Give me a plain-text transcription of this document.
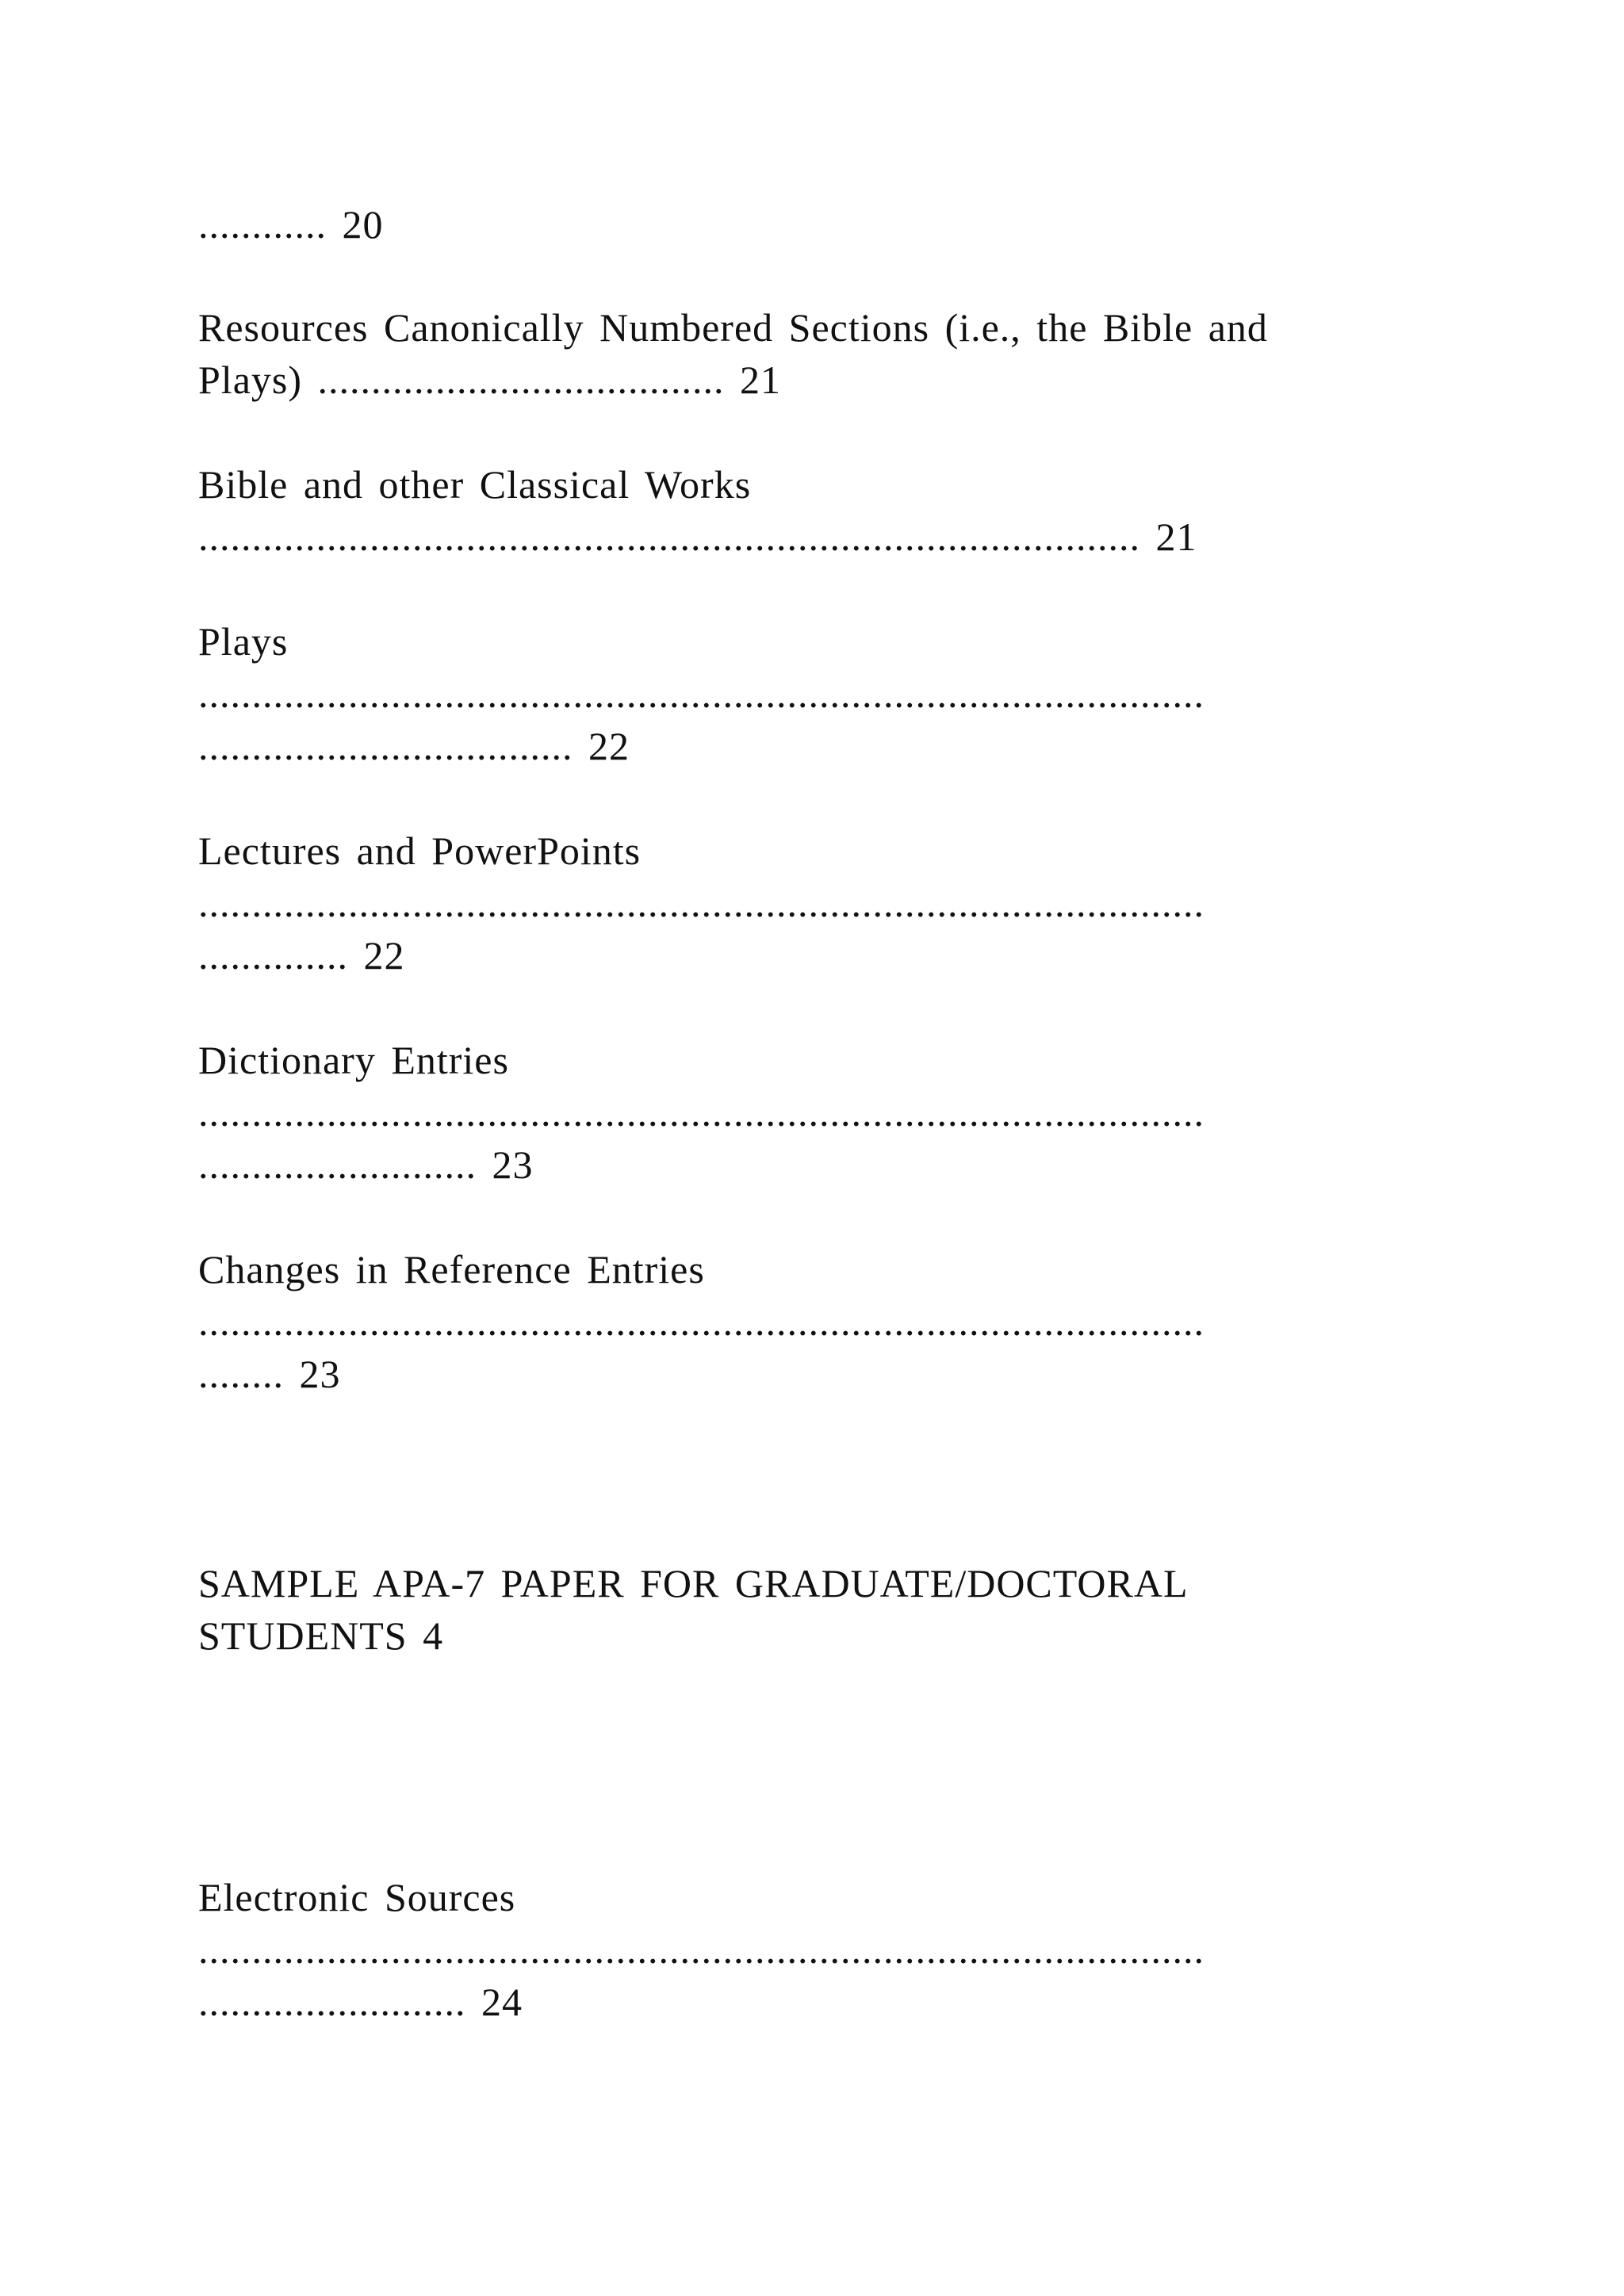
............ 20
Resources Canonically Numbered Sections (i.e., the Bible and
Plays) ...................................... 21
Bible and other Classical Works
........................................................................................ 21
Plays
..............................................................................................
................................... 22
Lectures and PowerPoints
..............................................................................................
.............. 22
Dictionary Entries
..............................................................................................
.......................... 23
Changes in Reference Entries
..............................................................................................
........ 23
SAMPLE APA-7 PAPER FOR GRADUATE/DOCTORAL
STUDENTS 4
Electronic Sources
..............................................................................................
......................... 24
